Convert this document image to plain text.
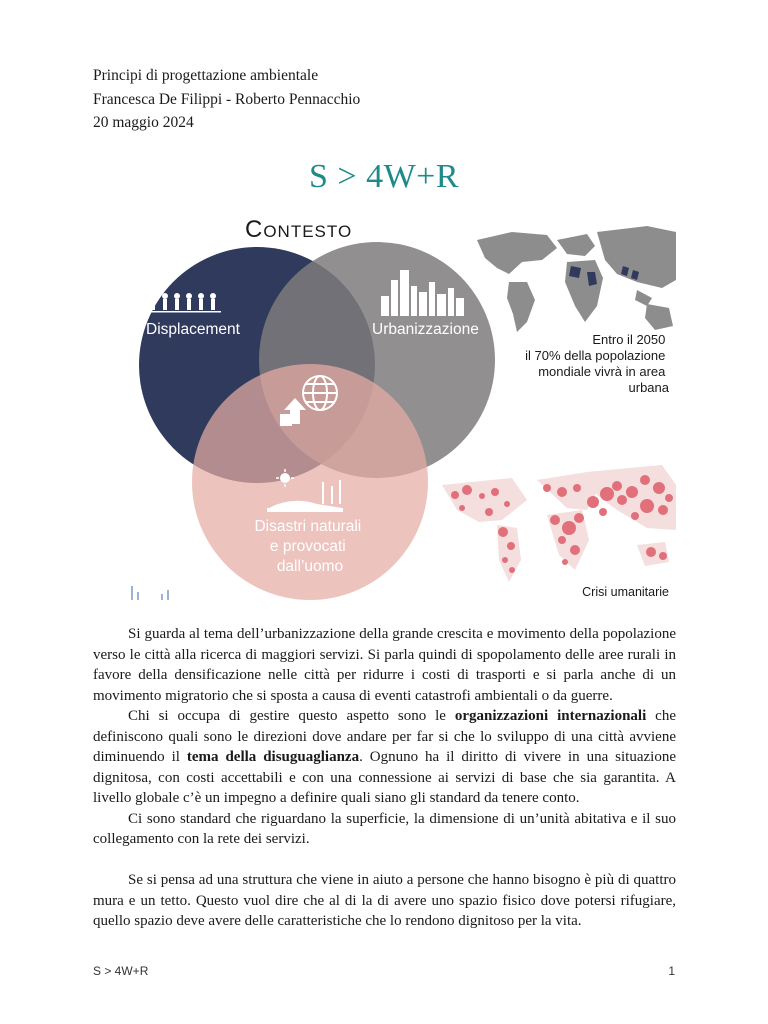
Principi di progettazione ambientale
Francesca De Filippi - Roberto Pennacchio
20 maggio 2024
S > 4W+R
Displacement	Urbanizzazione
Disastri naturali e provocati dall’uomo
Contesto
Entro il 2050 il 70% della popolazione mondiale vivrà in area urbana
Crisi umanitarie

Si guarda al tema dell’urbanizzazione della grande crescita e movimento della popolazione verso le città alla ricerca di maggiori servizi. Si parla quindi di spopolamento delle aree rurali in favore della densificazione nelle città per ridurre i costi di trasporti e si parla anche di un movimento migratorio che si sposta a causa di eventi catastrofi ambientali o da guerre.

Chi si occupa di gestire questo aspetto sono le organizzazioni internazionali che definiscono quali sono le direzioni dove andare per far si che lo sviluppo di una città avviene diminuendo il tema della disuguaglianza. Ognuno ha il diritto di vivere in una situazione dignitosa, con costi accettabili e con una connessione ai servizi di base che sia garantita. A livello globale c’è un impegno a definire quali siano gli standard da tenere conto.

Ci sono standard che riguardano la superficie, la dimensione di un’unità abitativa e il suo collegamento con la rete dei servizi.

Se si pensa ad una struttura che viene in aiuto a persone che hanno bisogno è più di quattro mura e un tetto. Questo vuol dire che al di la di avere uno spazio fisico dove potersi rifugiare, quello spazio deve avere delle caratteristiche che lo rendono dignitoso per la vita.

S > 4W+R	1
